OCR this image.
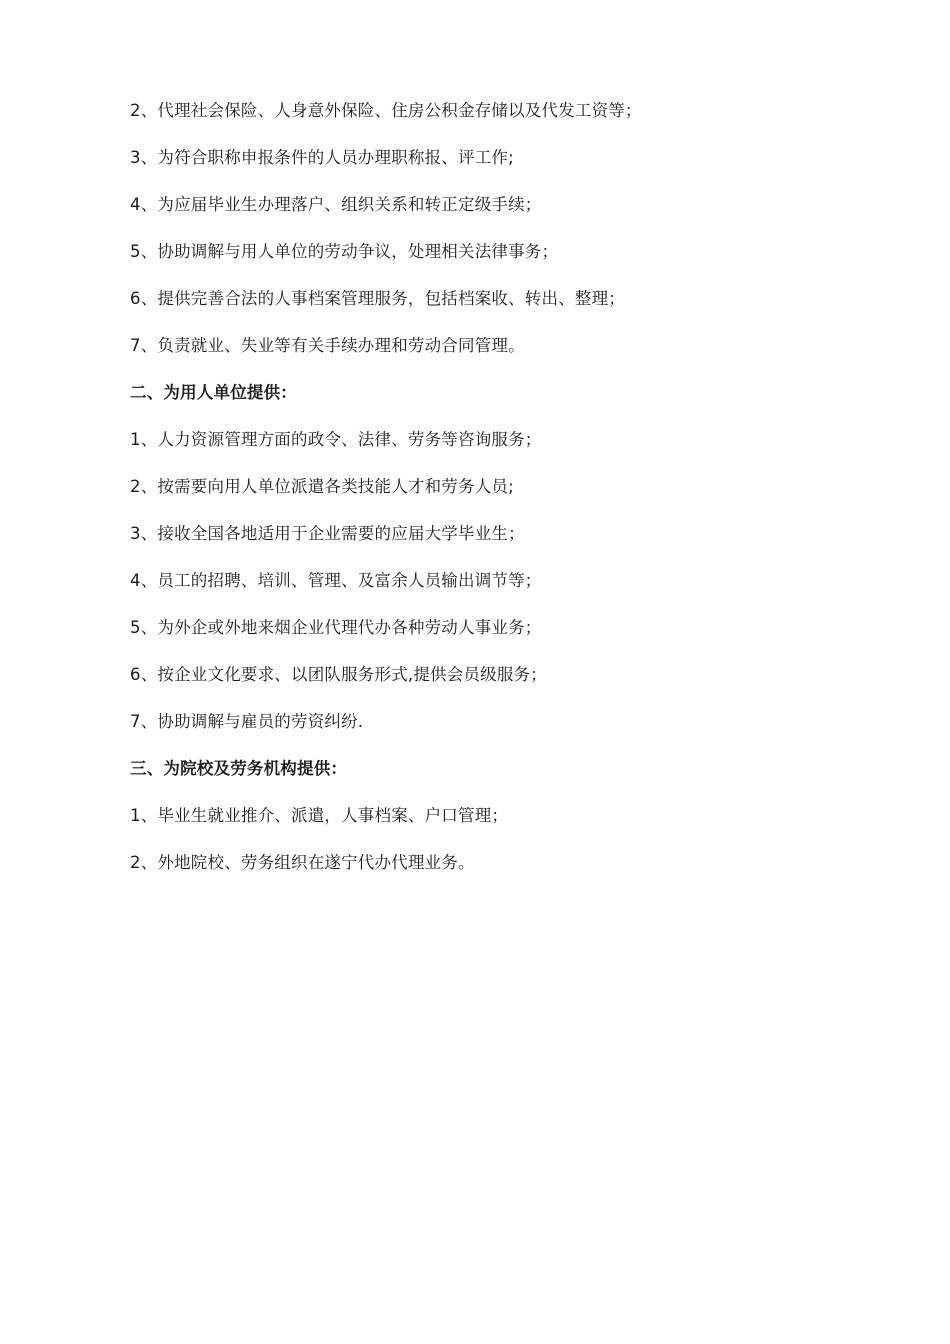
2、代理社会保险、人身意外保险、住房公积金存储以及代发工资等；
3、为符合职称申报条件的人员办理职称报、评工作;
4、为应届毕业生办理落户、组织关系和转正定级手续；
5、协助调解与用人单位的劳动争议，处理相关法律事务；
6、提供完善合法的人事档案管理服务，包括档案收、转出、整理；
7、负责就业、失业等有关手续办理和劳动合同管理。
二、为用人单位提供：
1、人力资源管理方面的政令、法律、劳务等咨询服务；
2、按需要向用人单位派遣各类技能人才和劳务人员;
3、接收全国各地适用于企业需要的应届大学毕业生；
4、员工的招聘、培训、管理、及富余人员输出调节等；
5、为外企或外地来烟企业代理代办各种劳动人事业务；
6、按企业文化要求、以团队服务形式,提供会员级服务；
7、协助调解与雇员的劳资纠纷.
三、为院校及劳务机构提供：
1、毕业生就业推介、派遣，人事档案、户口管理；
2、外地院校、劳务组织在遂宁代办代理业务。
